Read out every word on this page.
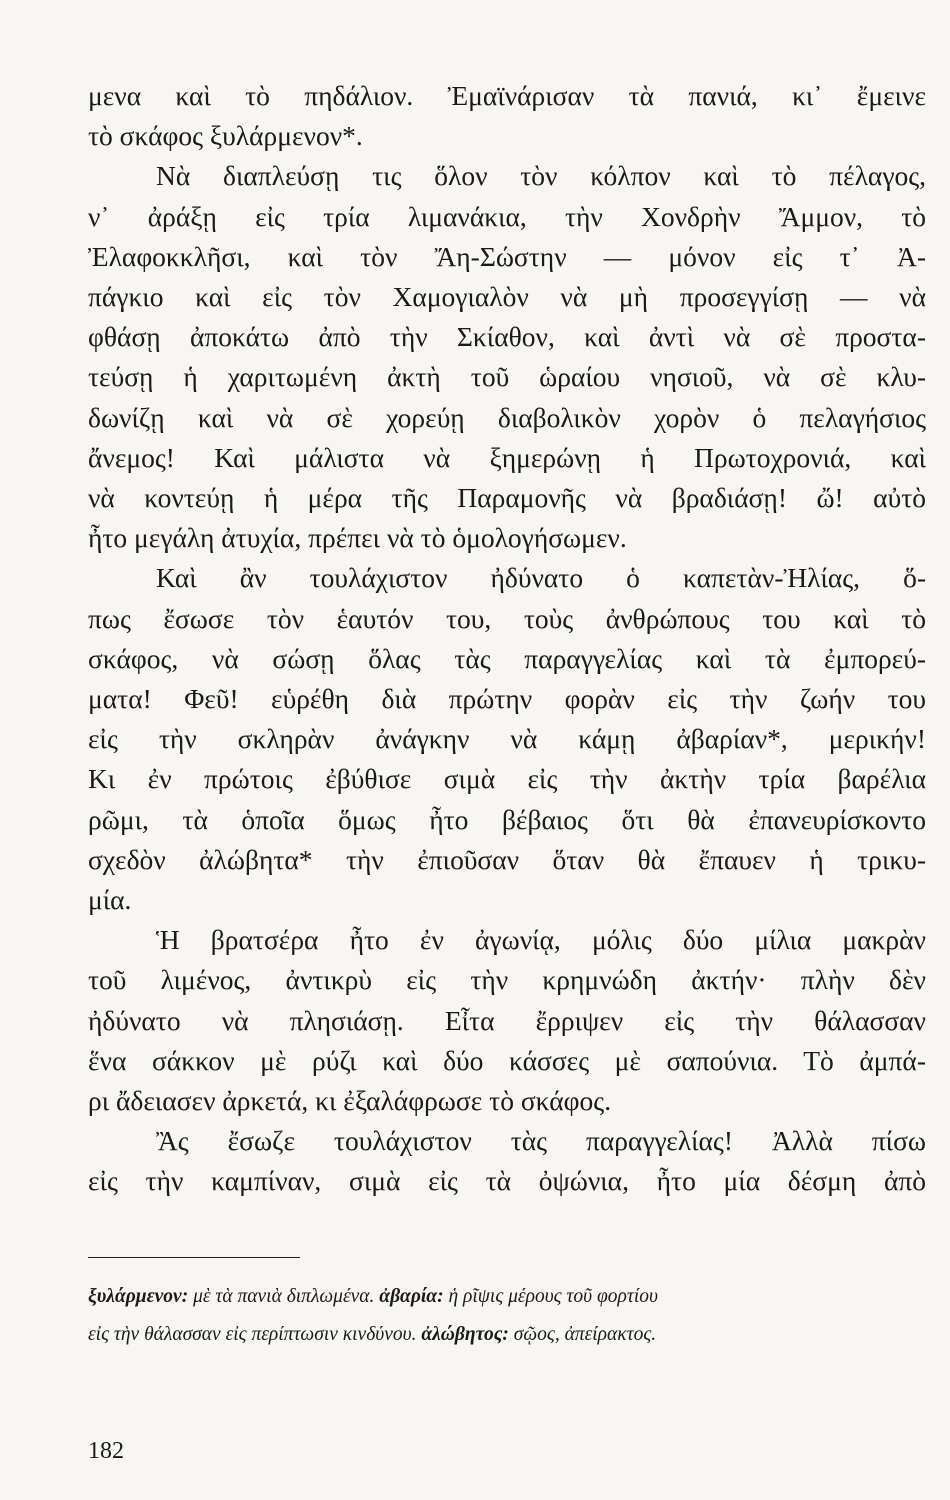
μενα καὶ τὸ πηδάλιον. Ἐμαϊνάρισαν τὰ πανιά, κι᾽ ἔμεινε
τὸ σκάφος ξυλάρμενον*.
Νὰ διαπλεύσῃ τις ὅλον τὸν κόλπον καὶ τὸ πέλαγος,
ν᾽ ἀράξῃ εἰς τρία λιμανάκια, τὴν Χονδρὴν Ἄμμον, τὸ
Ἐλαφοκκλῆσι, καὶ τὸν Ἄη-Σώστην — μόνον εἰς τ᾽ Ἀ-
πάγκιο καὶ εἰς τὸν Χαμογιαλὸν νὰ μὴ προσεγγίσῃ — νὰ
φθάσῃ ἀποκάτω ἀπὸ τὴν Σκίαθον, καὶ ἀντὶ νὰ σὲ προστα-
τεύσῃ ἡ χαριτωμένη ἀκτὴ τοῦ ὡραίου νησιοῦ, νὰ σὲ κλυ-
δωνίζῃ καὶ νὰ σὲ χορεύῃ διαβολικὸν χορὸν ὁ πελαγήσιος
ἄνεμος! Καὶ μάλιστα νὰ ξημερώνῃ ἡ Πρωτοχρονιά, καὶ
νὰ κοντεύῃ ἡ μέρα τῆς Παραμονῆς νὰ βραδιάσῃ! ὤ! αὐτὸ
ἦτο μεγάλη ἀτυχία, πρέπει νὰ τὸ ὁμολογήσωμεν.
Καὶ ἂν τουλάχιστον ἠδύνατο ὁ καπετὰν-Ἠλίας, ὅ-
πως ἔσωσε τὸν ἑαυτόν του, τοὺς ἀνθρώπους του καὶ τὸ
σκάφος, νὰ σώσῃ ὅλας τὰς παραγγελίας καὶ τὰ ἐμπορεύ-
ματα! Φεῦ! εὑρέθη διὰ πρώτην φορὰν εἰς τὴν ζωήν του
εἰς τὴν σκληρὰν ἀνάγκην νὰ κάμῃ ἀβαρίαν*, μερικήν!
Κι ἐν πρώτοις ἐβύθισε σιμὰ εἰς τὴν ἀκτὴν τρία βαρέλια
ρῶμι, τὰ ὁποῖα ὅμως ἦτο βέβαιος ὅτι θὰ ἐπανευρίσκοντο
σχεδὸν ἀλώβητα* τὴν ἐπιοῦσαν ὅταν θὰ ἔπαυεν ἡ τρικυ-
μία.
Ἡ βρατσέρα ἦτο ἐν ἀγωνίᾳ, μόλις δύο μίλια μακρὰν
τοῦ λιμένος, ἀντικρὺ εἰς τὴν κρημνώδη ἀκτήν· πλὴν δὲν
ἠδύνατο νὰ πλησιάσῃ. Εἶτα ἔρριψεν εἰς τὴν θάλασσαν
ἕνα σάκκον μὲ ρύζι καὶ δύο κάσσες μὲ σαπούνια. Τὸ ἀμπά-
ρι ἄδειασεν ἀρκετά, κι ἐξαλάφρωσε τὸ σκάφος.
Ἂς ἔσωζε τουλάχιστον τὰς παραγγελίας! Ἀλλὰ πίσω
εἰς τὴν καμπίναν, σιμὰ εἰς τὰ ὀψώνια, ἦτο μία δέσμη ἀπὸ
ξυλάρμενον: μὲ τὰ πανιὰ διπλωμένα. ἀβαρία: ἡ ρῖψις μέρους τοῦ φορτίου
εἰς τὴν θάλασσαν εἰς περίπτωσιν κινδύνου. ἀλώβητος: σῷος, ἀπείρακτος.
182
